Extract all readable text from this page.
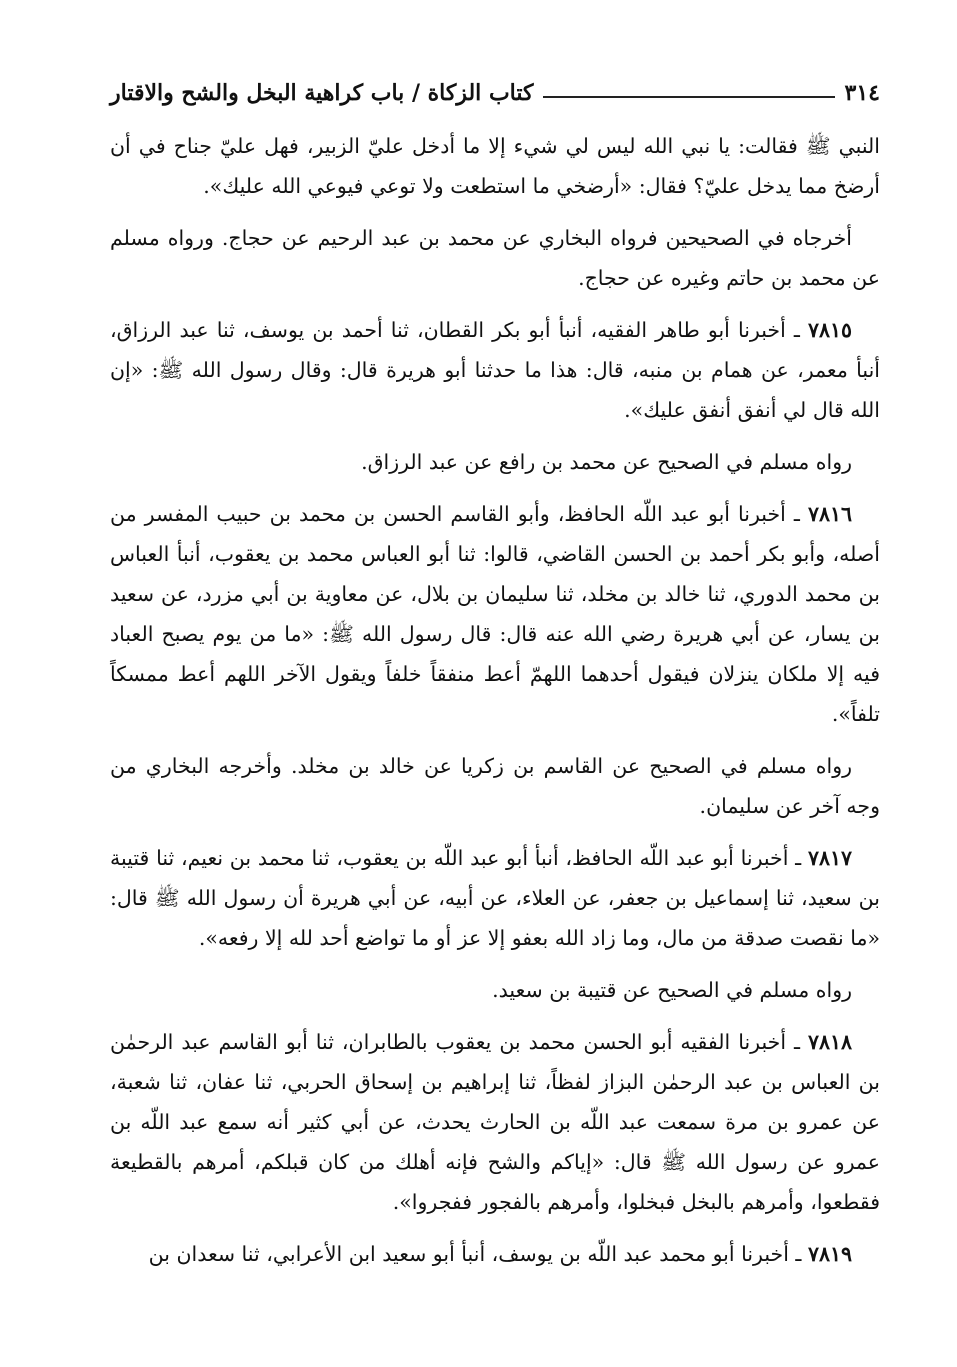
٣١٤
كتاب الزكاة / باب كراهية البخل والشح والاقتار

النبي ﷺ فقالت: يا نبي الله ليس لي شيء إلا ما أدخل عليّ الزبير، فهل عليّ جناح في أن أرضخ مما يدخل عليّ؟ فقال: «أرضخي ما استطعت ولا توعي فيوعي الله عليك».

أخرجاه في الصحيحين فرواه البخاري عن محمد بن عبد الرحيم عن حجاج. ورواه مسلم عن محمد بن حاتم وغيره عن حجاج.

٧٨١٥ ـ أخبرنا أبو طاهر الفقيه، أنبأ أبو بكر القطان، ثنا أحمد بن يوسف، ثنا عبد الرزاق، أنبأ معمر، عن همام بن منبه، قال: هذا ما حدثنا أبو هريرة قال: وقال رسول الله ﷺ: «إن الله قال لي أنفق أنفق عليك».

رواه مسلم في الصحيح عن محمد بن رافع عن عبد الرزاق.

٧٨١٦ ـ أخبرنا أبو عبد اللّه الحافظ، وأبو القاسم الحسن بن محمد بن حبيب المفسر من أصله، وأبو بكر أحمد بن الحسن القاضي، قالوا: ثنا أبو العباس محمد بن يعقوب، أنبأ العباس بن محمد الدوري، ثنا خالد بن مخلد، ثنا سليمان بن بلال، عن معاوية بن أبي مزرد، عن سعيد بن يسار، عن أبي هريرة رضي الله عنه قال: قال رسول الله ﷺ: «ما من يوم يصبح العباد فيه إلا ملكان ينزلان فيقول أحدهما اللهمّ أعط منفقاً خلفاً ويقول الآخر اللهم أعط ممسكاً تلفاً».

رواه مسلم في الصحيح عن القاسم بن زكريا عن خالد بن مخلد. وأخرجه البخاري من وجه آخر عن سليمان.

٧٨١٧ ـ أخبرنا أبو عبد اللّه الحافظ، أنبأ أبو عبد اللّه بن يعقوب، ثنا محمد بن نعيم، ثنا قتيبة بن سعيد، ثنا إسماعيل بن جعفر، عن العلاء، عن أبيه، عن أبي هريرة أن رسول الله ﷺ قال: «ما نقصت صدقة من مال، وما زاد الله بعفو إلا عز أو ما تواضع أحد لله إلا رفعه».

رواه مسلم في الصحيح عن قتيبة بن سعيد.

٧٨١٨ ـ أخبرنا الفقيه أبو الحسن محمد بن يعقوب بالطابران، ثنا أبو القاسم عبد الرحمٰن بن العباس بن عبد الرحمٰن البزاز لفظاً، ثنا إبراهيم بن إسحاق الحربي، ثنا عفان، ثنا شعبة، عن عمرو بن مرة سمعت عبد اللّه بن الحارث يحدث، عن أبي كثير أنه سمع عبد اللّه بن عمرو عن رسول الله ﷺ قال: «إياكم والشح فإنه أهلك من كان قبلكم، أمرهم بالقطيعة فقطعوا، وأمرهم بالبخل فبخلوا، وأمرهم بالفجور ففجروا».

٧٨١٩ ـ أخبرنا أبو محمد عبد اللّه بن يوسف، أنبأ أبو سعيد ابن الأعرابي، ثنا سعدان بن
